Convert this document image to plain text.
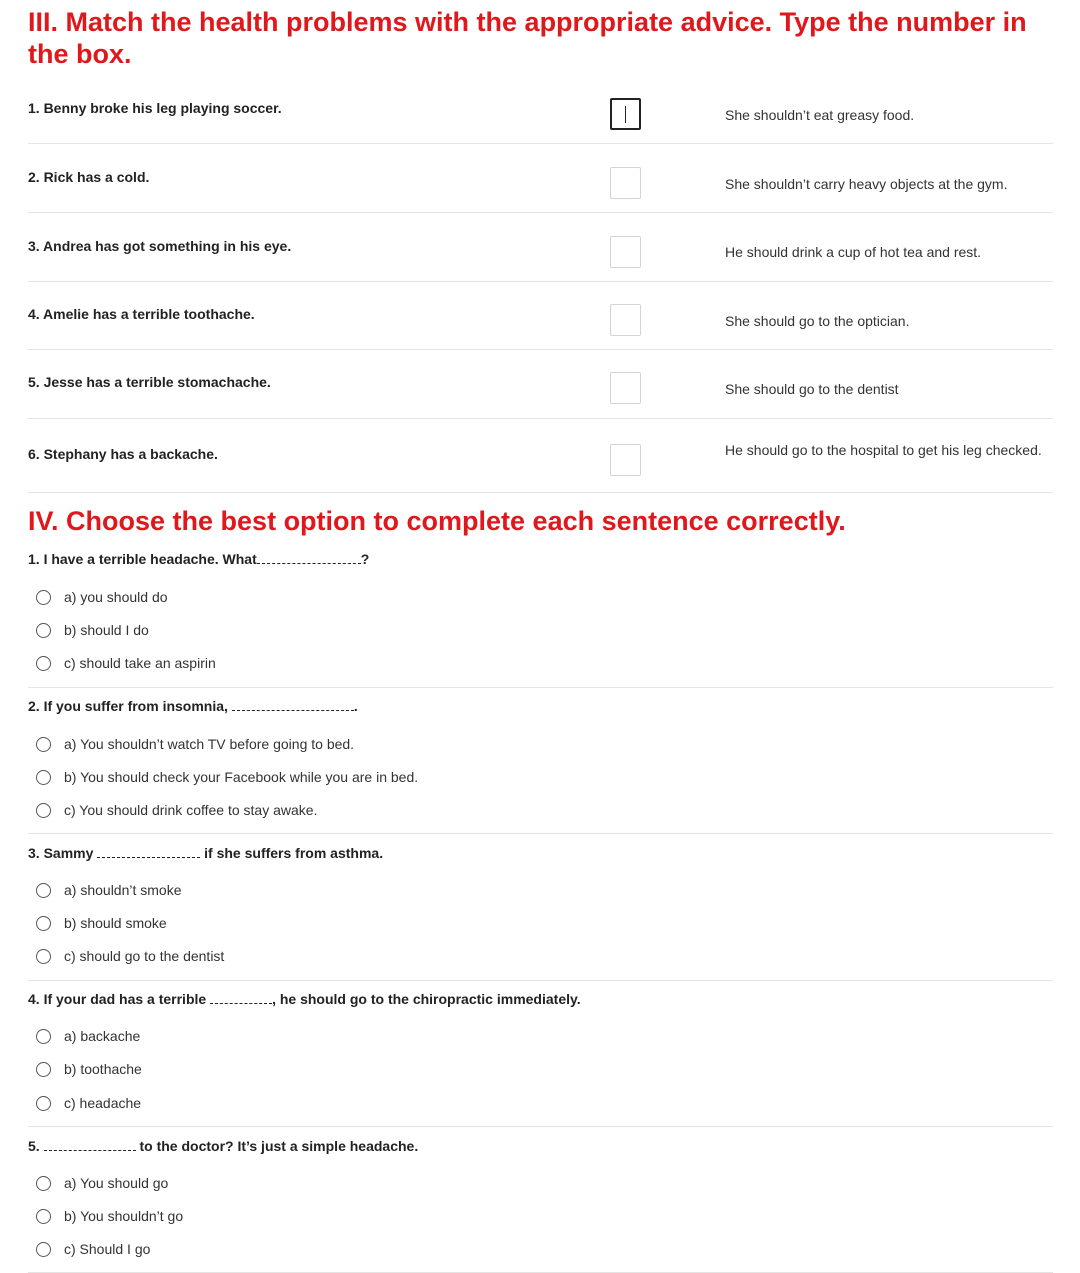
III. Match the health problems with the appropriate advice. Type the number in the box.
1. Benny broke his leg playing soccer.	She shouldn’t eat greasy food.
2. Rick has a cold.	She shouldn’t carry heavy objects at the gym.
3. Andrea has got something in his eye.	He should drink a cup of hot tea and rest.
4. Amelie has a terrible toothache.	She should go to the optician.
5. Jesse has a terrible stomachache.	She should go to the dentist
6. Stephany has a backache.	He should go to the hospital to get his leg checked.
IV. Choose the best option to complete each sentence correctly.
1. I have a terrible headache. What	?
a) you should do
b) should I do
c) should take an aspirin
2. If you suffer from insomnia,	.
a) You shouldn’t watch TV before going to bed.
b) You should check your Facebook while you are in bed.
c) You should drink coffee to stay awake.
3. Sammy	if she suffers from asthma.
a) shouldn’t smoke
b) should smoke
c) should go to the dentist
4. If your dad has a terrible	, he should go to the chiropractic immediately.
a) backache
b) toothache
c) headache
5.	to the doctor? It’s just a simple headache.
a) You should go
b) You shouldn’t go
c) Should I go
